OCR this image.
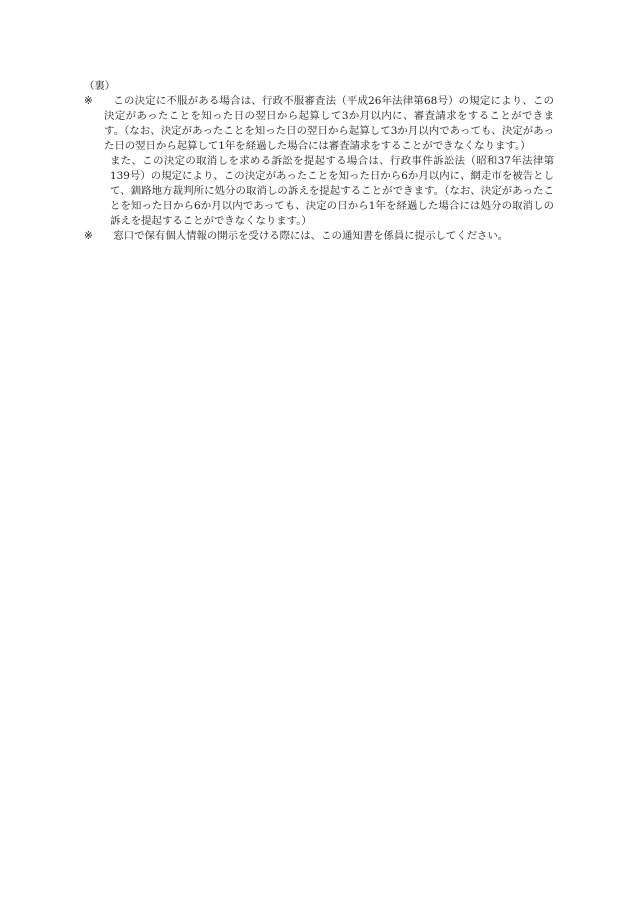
（裏）
※	この決定に不服がある場合は、行政不服審査法（平成26年法律第68号）の規定により、この決定があったことを知った日の翌日から起算して3か月以内に、審査請求をすることができます。（なお、決定があったことを知った日の翌日から起算して3か月以内であっても、決定があった日の翌日から起算して1年を経過した場合には審査請求をすることができなくなります。）

また、この決定の取消しを求める訴訟を提起する場合は、行政事件訴訟法（昭和37年法律第139号）の規定により、この決定があったことを知った日から6か月以内に、網走市を被告として、釧路地方裁判所に処分の取消しの訴えを提起することができます。（なお、決定があったことを知った日から6か月以内であっても、決定の日から1年を経過した場合には処分の取消しの訴えを提起することができなくなります。）

※	窓口で保有個人情報の開示を受ける際には、この通知書を係員に提示してください。
